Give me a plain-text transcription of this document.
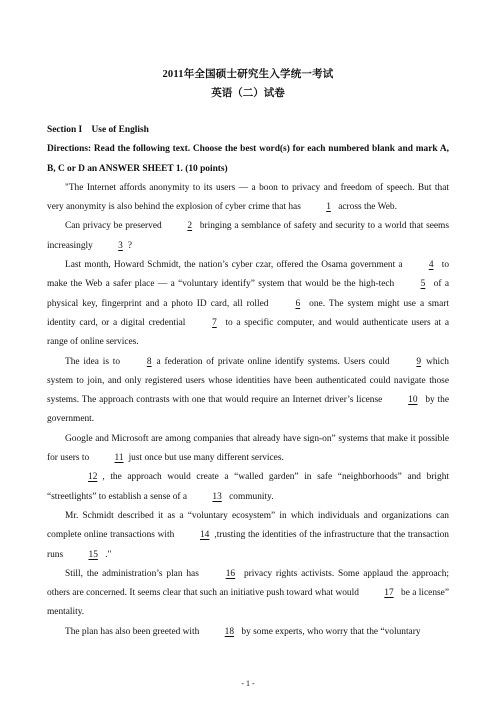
2011年全国硕士研究生入学统一考试
英语（二）试卷

Section I    Use of English

Directions: Read the following text. Choose the best word(s) for each numbered blank and mark A, B, C or D an ANSWER SHEET 1. (10 points)

"The Internet affords anonymity to its users — a boon to privacy and freedom of speech. But that very anonymity is also behind the explosion of cyber crime that has 1 across the Web.

Can privacy be preserved 2 bringing a semblance of safety and security to a world that seems increasingly 3 ?

Last month, Howard Schmidt, the nation’s cyber czar, offered the Osama government a 4 to make the Web a safer place — a “voluntary identify” system that would be the high-tech 5 of a physical key, fingerprint and a photo ID card, all rolled 6 one. The system might use a smart identity card, or a digital credential 7 to a specific computer, and would authenticate users at a range of online services.

The idea is to 8 a federation of private online identify systems. Users could 9 which system to join, and only registered users whose identities have been authenticated could navigate those systems. The approach contrasts with one that would require an Internet driver’s license 10 by the government.

Google and Microsoft are among companies that already have sign-on” systems that make it possible for users to 11 just once but use many different services.

12 , the approach would create a “walled garden” in safe “neighborhoods” and bright “streetlights” to establish a sense of a 13 community.

Mr. Schmidt described it as a “voluntary ecosystem” in which individuals and organizations can complete online transactions with 14 ,trusting the identities of the infrastructure that the transaction runs 15 ."

Still, the administration’s plan has 16 privacy rights activists. Some applaud the approach; others are concerned. It seems clear that such an initiative push toward what would 17 be a license” mentality.

The plan has also been greeted with 18 by some experts, who worry that the “voluntary

- 1 -
